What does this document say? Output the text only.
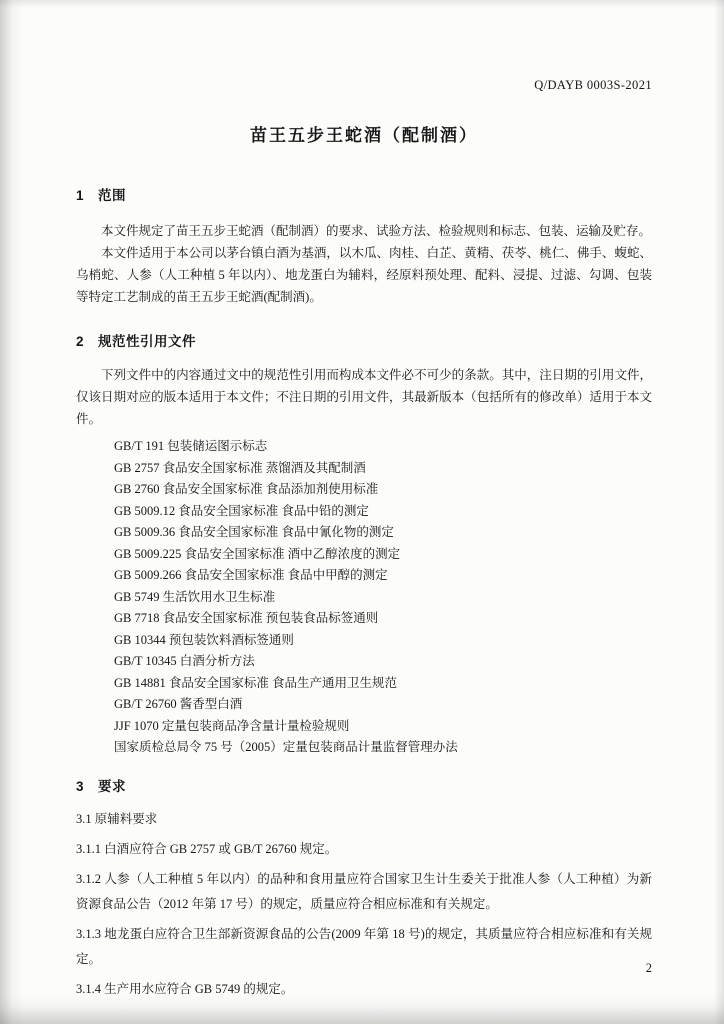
Q/DAYB 0003S-2021
苗王五步王蛇酒（配制酒）
1　范围

本文件规定了苗王五步王蛇酒（配制酒）的要求、试验方法、检验规则和标志、包装、运输及贮存。

本文件适用于本公司以茅台镇白酒为基酒，以木瓜、肉桂、白芷、黄精、茯苓、桃仁、佛手、蝮蛇、乌梢蛇、人参（人工种植 5 年以内）、地龙蛋白为辅料，经原料预处理、配料、浸提、过滤、勾调、包装等特定工艺制成的苗王五步王蛇酒(配制酒)。

2　规范性引用文件

下列文件中的内容通过文中的规范性引用而构成本文件必不可少的条款。其中，注日期的引用文件，仅该日期对应的版本适用于本文件；不注日期的引用文件，其最新版本（包括所有的修改单）适用于本文件。

GB/T 191 包装储运图示标志
GB 2757 食品安全国家标准 蒸馏酒及其配制酒
GB 2760 食品安全国家标准 食品添加剂使用标准
GB 5009.12 食品安全国家标准 食品中铅的测定
GB 5009.36 食品安全国家标准 食品中氰化物的测定
GB 5009.225 食品安全国家标准 酒中乙醇浓度的测定
GB 5009.266 食品安全国家标准 食品中甲醇的测定
GB 5749 生活饮用水卫生标准
GB 7718 食品安全国家标准 预包装食品标签通则
GB 10344 预包装饮料酒标签通则
GB/T 10345 白酒分析方法
GB 14881 食品安全国家标准 食品生产通用卫生规范
GB/T 26760 酱香型白酒
JJF 1070 定量包装商品净含量计量检验规则
国家质检总局令 75 号（2005）定量包装商品计量监督管理办法
3　要求

3.1 原辅料要求

3.1.1 白酒应符合 GB 2757 或 GB/T 26760 规定。

3.1.2 人参（人工种植 5 年以内）的品种和食用量应符合国家卫生计生委关于批准人参（人工种植）为新资源食品公告（2012 年第 17 号）的规定，质量应符合相应标准和有关规定。

3.1.3 地龙蛋白应符合卫生部新资源食品的公告(2009 年第 18 号)的规定，其质量应符合相应标准和有关规定。

3.1.4 生产用水应符合 GB 5749 的规定。

2
